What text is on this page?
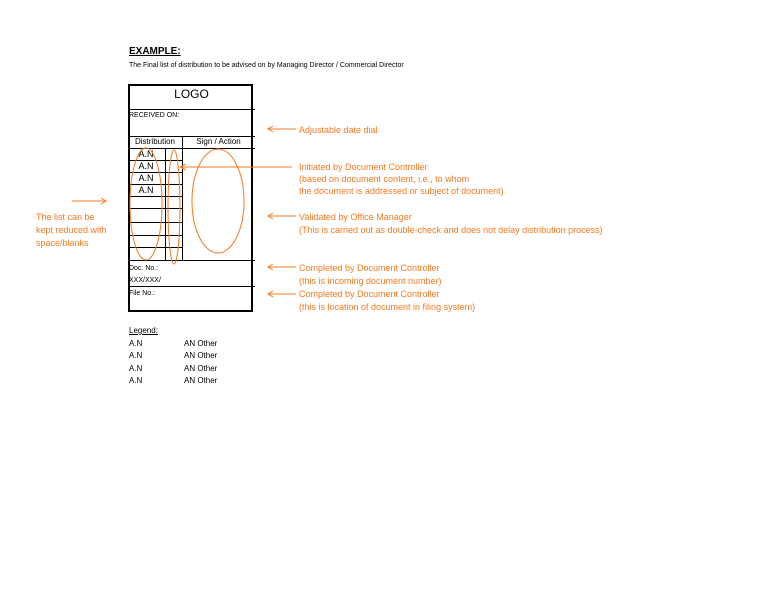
EXAMPLE:
The Final list of distribution to be advised on by Managing Director / Commercial Director
LOGO
RECEIVED ON:
Distribution	Sign / Action
A.N
A.N
A.N
A.N
Doc. No.:
XXX/XXX/
File No.:
Adjustable date dial
Initiated by Document Controller
(based on document content, i.e., to whom
the document is addressed or subject of document)
Validated by Office Manager
(This is carried out as double-check and does not delay distribution process)
Completed by Document Controller
(this is incoming document number)
Completed by Document Controller
(this is location of document in filing system)
The list can be
kept reduced with
space/blanks
Legend:
A.N	AN Other
A.N	AN Other
A.N	AN Other
A.N	AN Other
